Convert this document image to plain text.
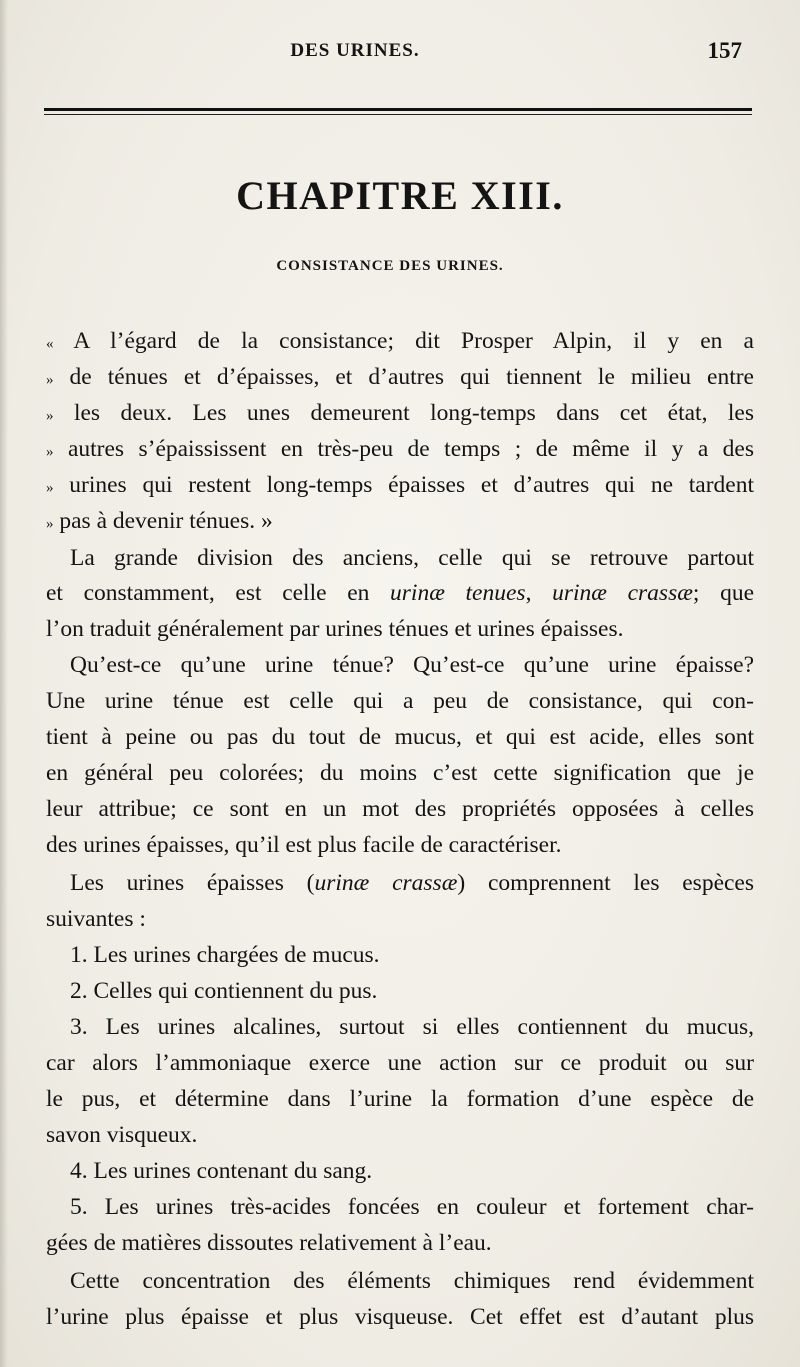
DES URINES.	157
CHAPITRE XIII.
CONSISTANCE DES URINES.
« A l’égard de la consistance; dit Prosper Alpin, il y en a
» de ténues et d’épaisses, et d’autres qui tiennent le milieu entre
» les deux. Les unes demeurent long-temps dans cet état, les
» autres s’épaississent en très-peu de temps ; de même il y a des
» urines qui restent long-temps épaisses et d’autres qui ne tardent
» pas à devenir ténues. »
La grande division des anciens, celle qui se retrouve partout
et constamment, est celle en urinæ tenues, urinæ crassæ; que
l’on traduit généralement par urines ténues et urines épaisses.
Qu’est-ce qu’une urine ténue? Qu’est-ce qu’une urine épaisse?
Une urine ténue est celle qui a peu de consistance, qui con-
tient à peine ou pas du tout de mucus, et qui est acide, elles sont
en général peu colorées; du moins c’est cette signification que je
leur attribue; ce sont en un mot des propriétés opposées à celles
des urines épaisses, qu’il est plus facile de caractériser.
Les urines épaisses (urinæ crassæ) comprennent les espèces
suivantes :
1. Les urines chargées de mucus.
2. Celles qui contiennent du pus.
3. Les urines alcalines, surtout si elles contiennent du mucus,
car alors l’ammoniaque exerce une action sur ce produit ou sur
le pus, et détermine dans l’urine la formation d’une espèce de
savon visqueux.
4. Les urines contenant du sang.
5. Les urines très-acides foncées en couleur et fortement char-
gées de matières dissoutes relativement à l’eau.
Cette concentration des éléments chimiques rend évidemment
l’urine plus épaisse et plus visqueuse. Cet effet est d’autant plus
